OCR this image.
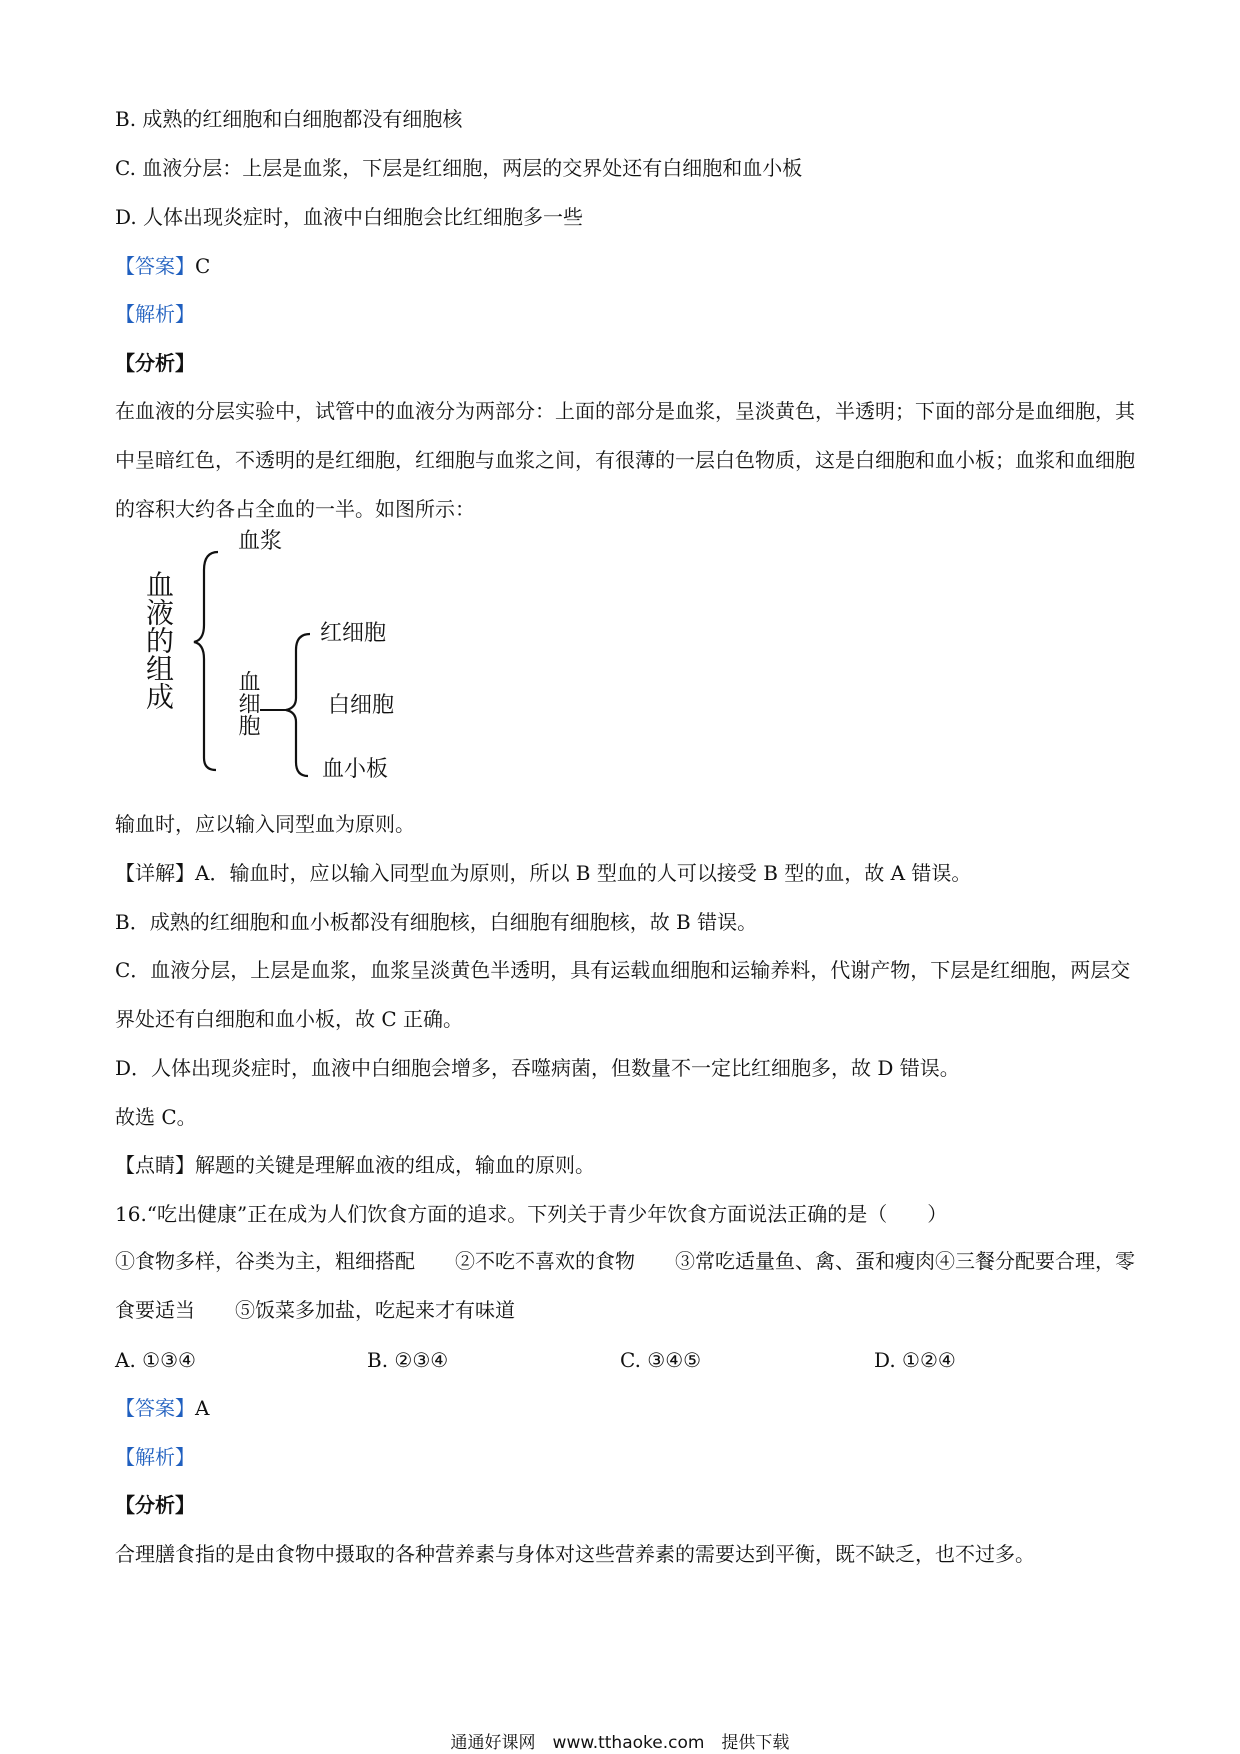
B. 成熟的红细胞和白细胞都没有细胞核
C. 血液分层：上层是血浆，下层是红细胞，两层的交界处还有白细胞和血小板
D. 人体出现炎症时，血液中白细胞会比红细胞多一些
【答案】C
【解析】
【分析】
在血液的分层实验中，试管中的血液分为两部分：上面的部分是血浆，呈淡黄色，半透明；下面的部分是血细胞，其中呈暗红色，不透明的是红细胞，红细胞与血浆之间，有很薄的一层白色物质，这是白细胞和血小板；血浆和血细胞的容积大约各占全血的一半。如图所示：
血液的组成
血浆
血细胞
红细胞
白细胞
血小板
输血时，应以输入同型血为原则。
【详解】A．输血时，应以输入同型血为原则，所以 B 型血的人可以接受 B 型的血，故 A 错误。
B．成熟的红细胞和血小板都没有细胞核，白细胞有细胞核，故 B 错误。
C．血液分层，上层是血浆，血浆呈淡黄色半透明，具有运载血细胞和运输养料，代谢产物，下层是红细胞，两层交界处还有白细胞和血小板，故 C 正确。
D．人体出现炎症时，血液中白细胞会增多，吞噬病菌，但数量不一定比红细胞多，故 D 错误。
故选 C。
【点睛】解题的关键是理解血液的组成，输血的原则。
16.“吃出健康”正在成为人们饮食方面的追求。下列关于青少年饮食方面说法正确的是（　　）
①食物多样，谷类为主，粗细搭配　　②不吃不喜欢的食物　　③常吃适量鱼、禽、蛋和瘦肉④三餐分配要合理，零食要适当　　⑤饭菜多加盐，吃起来才有味道
A. ①③④	B. ②③④	C. ③④⑤	D. ①②④
【答案】A
【解析】
【分析】
合理膳食指的是由食物中摄取的各种营养素与身体对这些营养素的需要达到平衡，既不缺乏，也不过多。
通通好课网　www.tthaoke.com　提供下载
